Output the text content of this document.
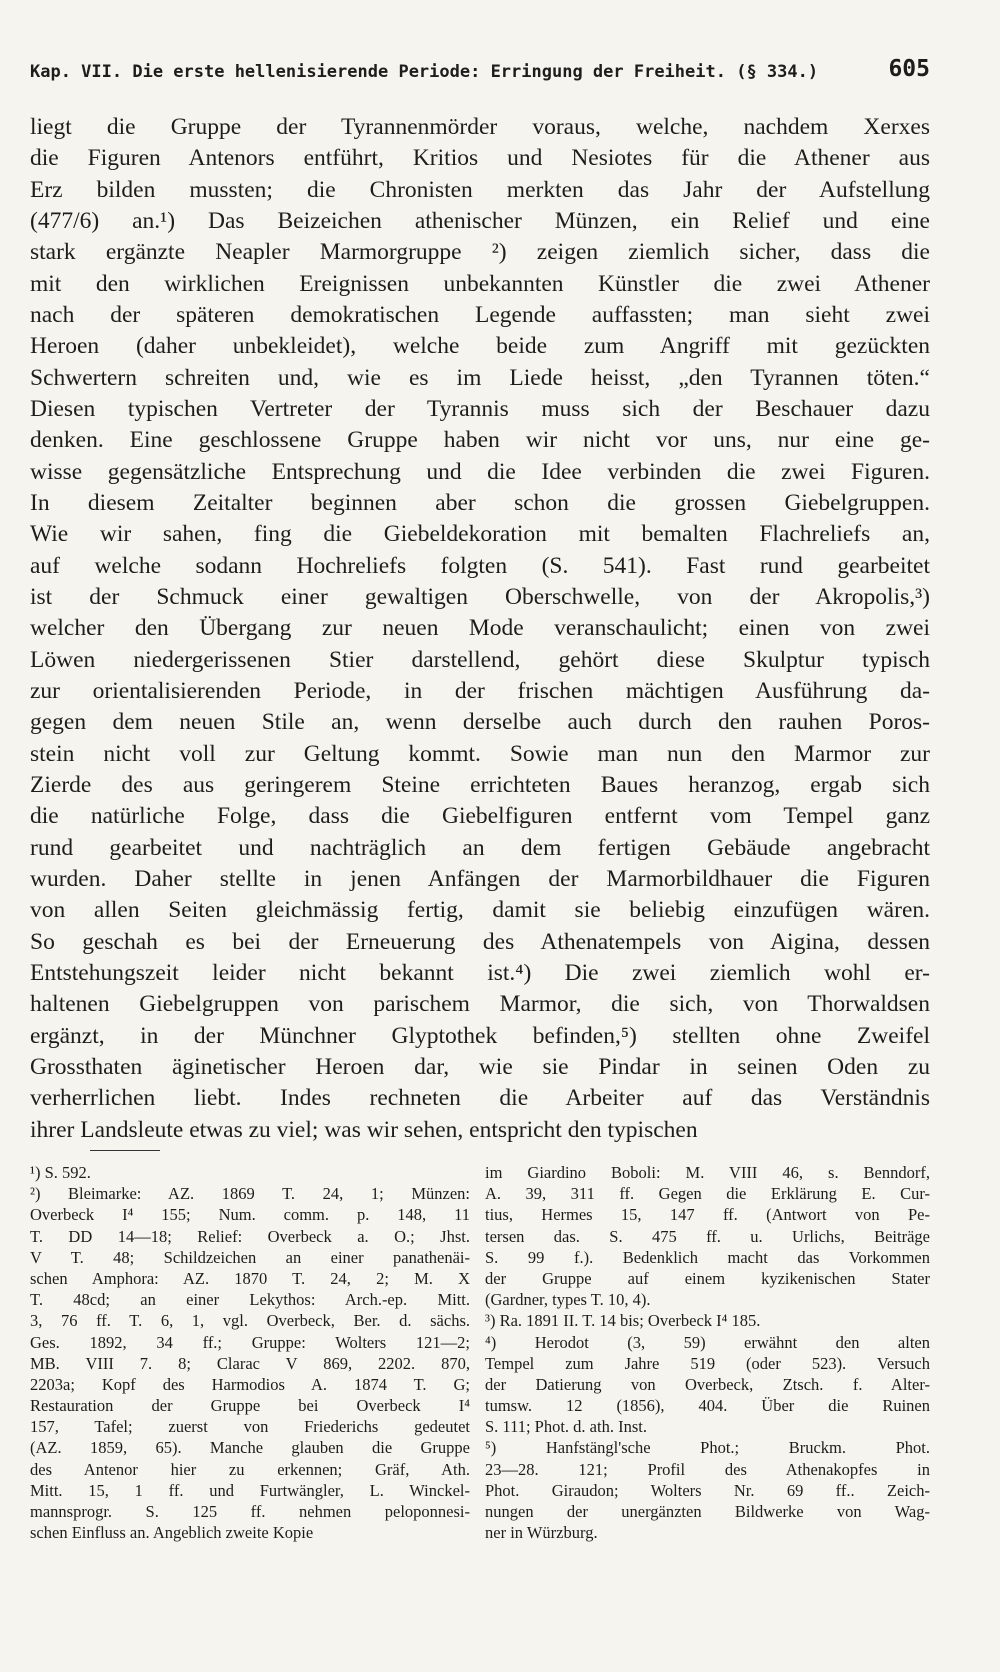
Kap. VII. Die erste hellenisierende Periode: Erringung der Freiheit. (§ 334.)	605
liegt die Gruppe der Tyrannenmörder voraus, welche, nachdem Xerxes
die Figuren Antenors entführt, Kritios und Nesiotes für die Athener aus
Erz bilden mussten; die Chronisten merkten das Jahr der Aufstellung
(477/6) an.¹) Das Beizeichen athenischer Münzen, ein Relief und eine
stark ergänzte Neapler Marmorgruppe ²) zeigen ziemlich sicher, dass die
mit den wirklichen Ereignissen unbekannten Künstler die zwei Athener
nach der späteren demokratischen Legende auffassten; man sieht zwei
Heroen (daher unbekleidet), welche beide zum Angriff mit gezückten
Schwertern schreiten und, wie es im Liede heisst, „den Tyrannen töten.“
Diesen typischen Vertreter der Tyrannis muss sich der Beschauer dazu
denken. Eine geschlossene Gruppe haben wir nicht vor uns, nur eine ge-
wisse gegensätzliche Entsprechung und die Idee verbinden die zwei Figuren.
In diesem Zeitalter beginnen aber schon die grossen Giebelgruppen.
Wie wir sahen, fing die Giebeldekoration mit bemalten Flachreliefs an,
auf welche sodann Hochreliefs folgten (S. 541). Fast rund gearbeitet
ist der Schmuck einer gewaltigen Oberschwelle, von der Akropolis,³)
welcher den Übergang zur neuen Mode veranschaulicht; einen von zwei
Löwen niedergerissenen Stier darstellend, gehört diese Skulptur typisch
zur orientalisierenden Periode, in der frischen mächtigen Ausführung da-
gegen dem neuen Stile an, wenn derselbe auch durch den rauhen Poros-
stein nicht voll zur Geltung kommt. Sowie man nun den Marmor zur
Zierde des aus geringerem Steine errichteten Baues heranzog, ergab sich
die natürliche Folge, dass die Giebelfiguren entfernt vom Tempel ganz
rund gearbeitet und nachträglich an dem fertigen Gebäude angebracht
wurden. Daher stellte in jenen Anfängen der Marmorbildhauer die Figuren
von allen Seiten gleichmässig fertig, damit sie beliebig einzufügen wären.
So geschah es bei der Erneuerung des Athenatempels von Aigina, dessen
Entstehungszeit leider nicht bekannt ist.⁴) Die zwei ziemlich wohl er-
haltenen Giebelgruppen von parischem Marmor, die sich, von Thorwaldsen
ergänzt, in der Münchner Glyptothek befinden,⁵) stellten ohne Zweifel
Grossthaten äginetischer Heroen dar, wie sie Pindar in seinen Oden zu
verherrlichen liebt. Indes rechneten die Arbeiter auf das Verständnis
ihrer Landsleute etwas zu viel; was wir sehen, entspricht den typischen
¹) S. 592.
²) Bleimarke: AZ. 1869 T. 24, 1; Münzen:
Overbeck I⁴ 155; Num. comm. p. 148, 11
T. DD 14—18; Relief: Overbeck a. O.; Jhst.
V T. 48; Schildzeichen an einer panathenäi-
schen Amphora: AZ. 1870 T. 24, 2; M. X
T. 48cd; an einer Lekythos: Arch.-ep. Mitt.
3, 76 ff. T. 6, 1, vgl. Overbeck, Ber. d. sächs.
Ges. 1892, 34 ff.; Gruppe: Wolters 121—2;
MB. VIII 7. 8; Clarac V 869, 2202. 870,
2203a; Kopf des Harmodios A. 1874 T. G;
Restauration der Gruppe bei Overbeck I⁴
157, Tafel; zuerst von Friederichs gedeutet
(AZ. 1859, 65). Manche glauben die Gruppe
des Antenor hier zu erkennen; Gräf, Ath.
Mitt. 15, 1 ff. und Furtwängler, L. Winckel-
mannsprogr. S. 125 ff. nehmen peloponnesi-
schen Einfluss an. Angeblich zweite Kopie
im Giardino Boboli: M. VIII 46, s. Benndorf,
A. 39, 311 ff. Gegen die Erklärung E. Cur-
tius, Hermes 15, 147 ff. (Antwort von Pe-
tersen das. S. 475 ff. u. Urlichs, Beiträge
S. 99 f.). Bedenklich macht das Vorkommen
der Gruppe auf einem kyzikenischen Stater
(Gardner, types T. 10, 4).
³) Ra. 1891 II. T. 14 bis; Overbeck I⁴ 185.
⁴) Herodot (3, 59) erwähnt den alten
Tempel zum Jahre 519 (oder 523). Versuch
der Datierung von Overbeck, Ztsch. f. Alter-
tumsw. 12 (1856), 404. Über die Ruinen
S. 111; Phot. d. ath. Inst.
⁵) Hanfstängl'sche Phot.; Bruckm. Phot.
23—28. 121; Profil des Athenakopfes in
Phot. Giraudon; Wolters Nr. 69 ff.. Zeich-
nungen der unergänzten Bildwerke von Wag-
ner in Würzburg.
